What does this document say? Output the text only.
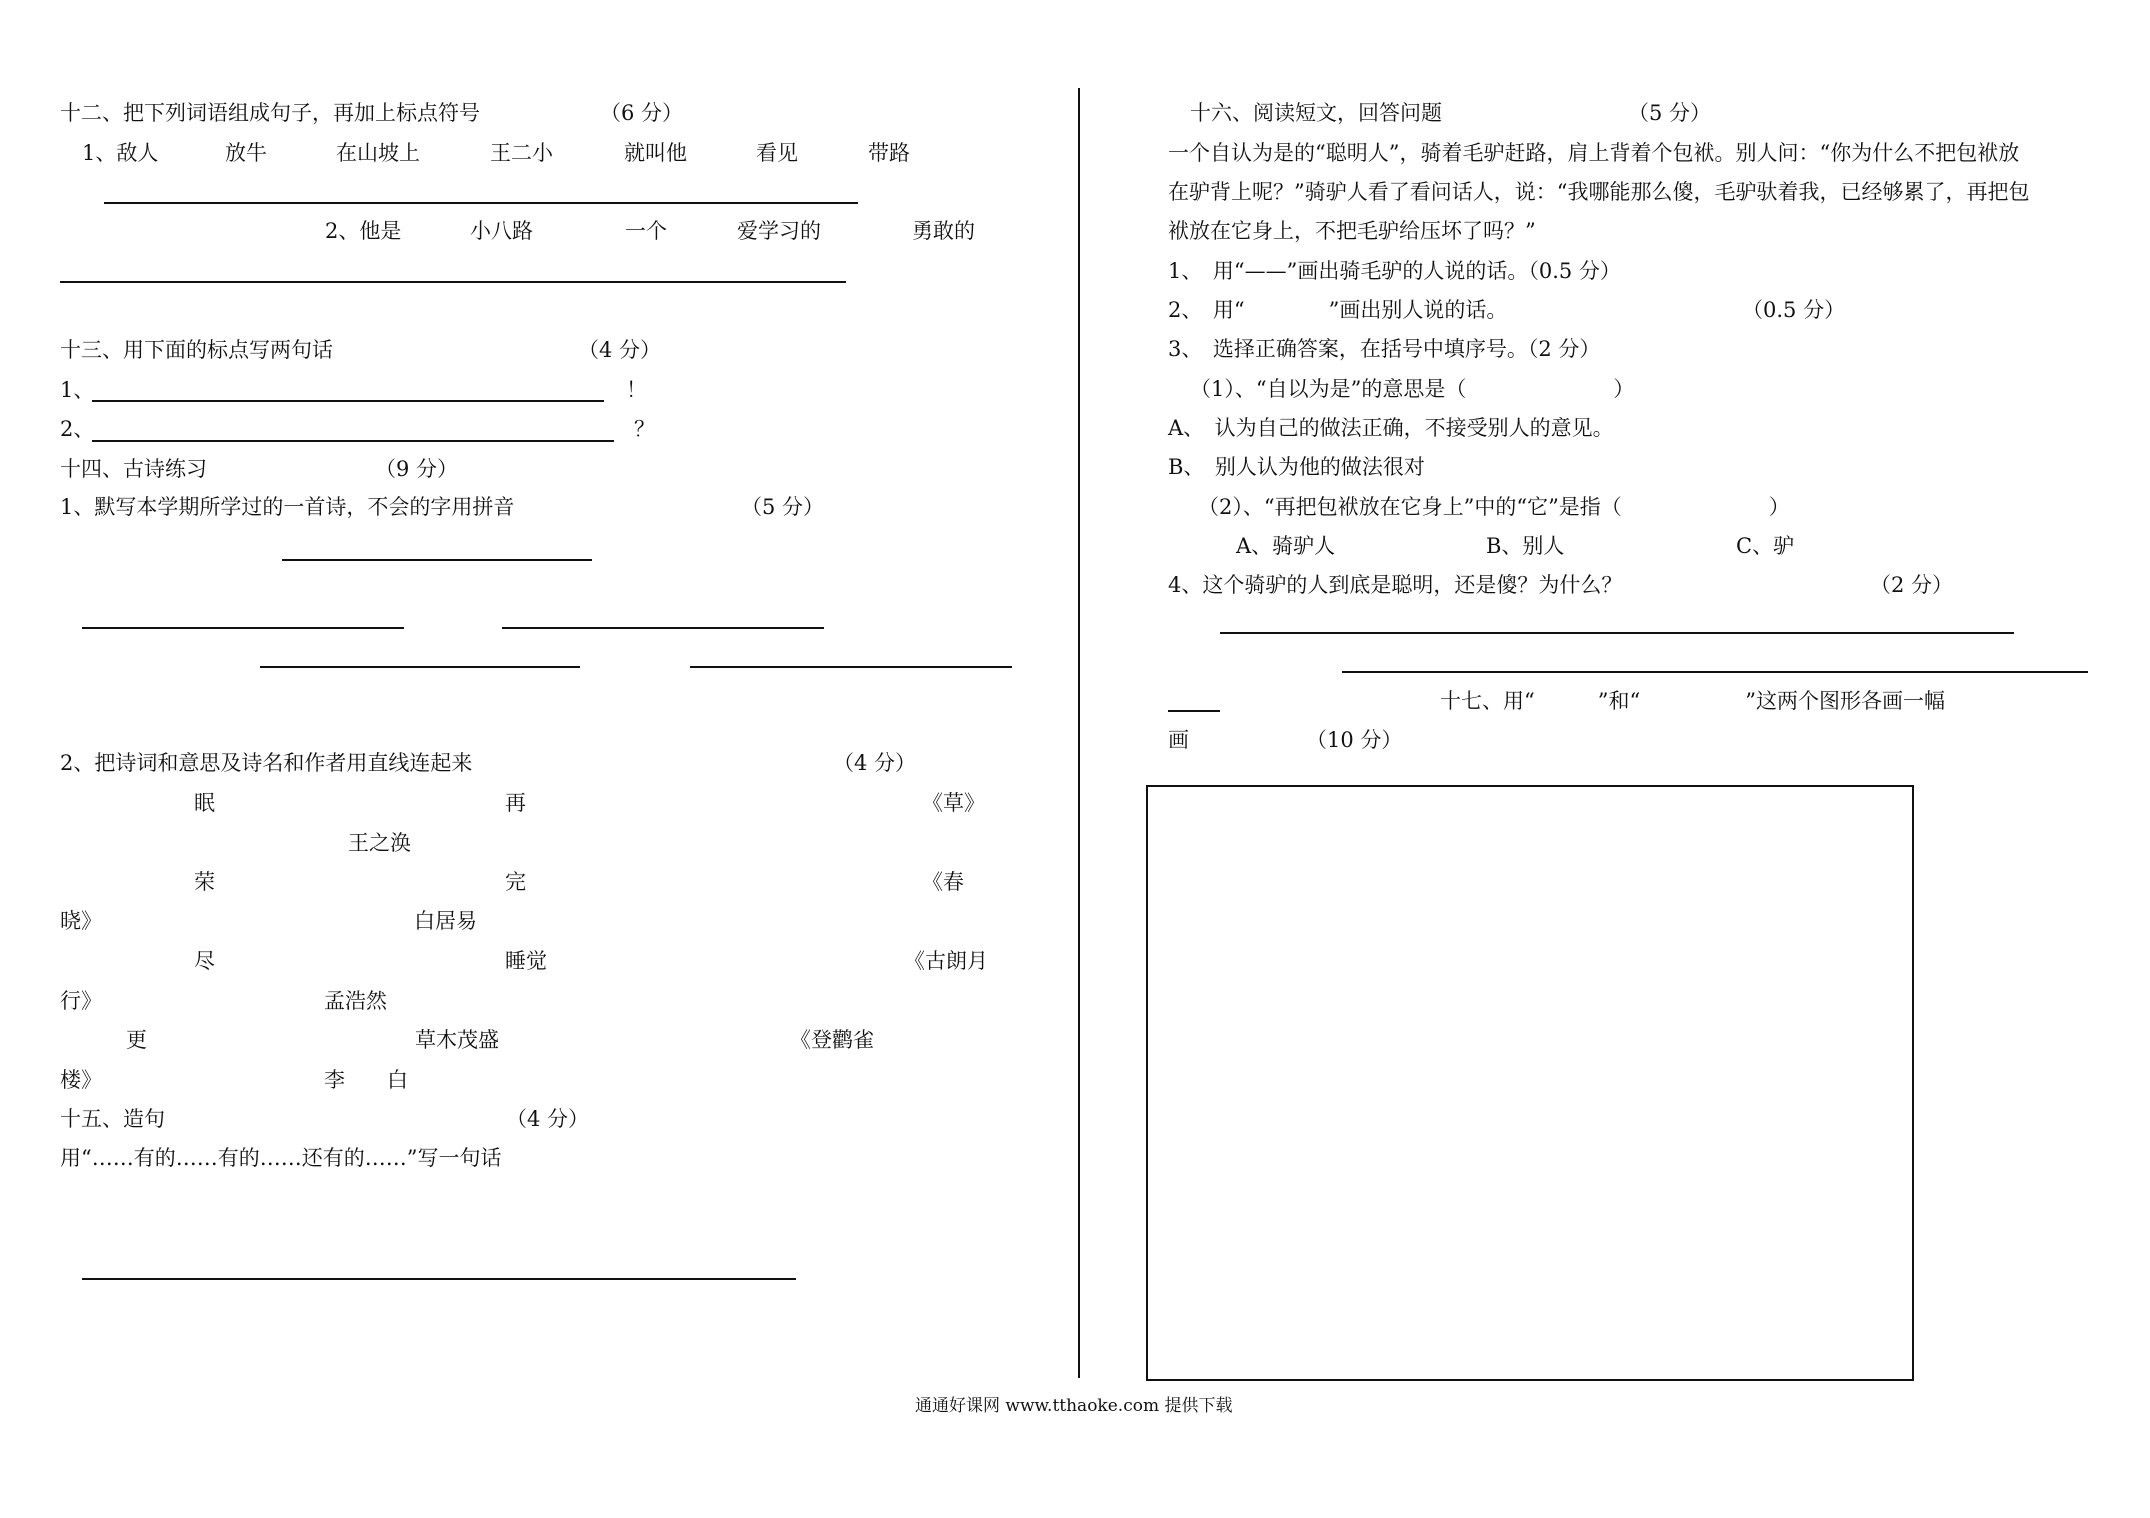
十二、把下列词语组成句子，再加上标点符号	（6 分）
1、敌人	放牛	在山坡上	王二小	就叫他	看见	带路
2、他是	小八路	一个	爱学习的	勇敢的
十三、用下面的标点写两句话	（4 分）
1、	！
2、	？
十四、古诗练习	（9 分）
1、默写本学期所学过的一首诗，不会的字用拼音	（5 分）
2、把诗词和意思及诗名和作者用直线连起来	（4 分）
眠	再	《草》
王之涣
荣	完	《春
晓》	白居易
尽	睡觉	《古朗月
行》	孟浩然
更	草木茂盛	《登鹳雀
楼》	李　　白
十五、造句	（4 分）
用“……有的……有的……还有的……”写一句话
十六、阅读短文，回答问题	（5 分）
一个自认为是的“聪明人”，骑着毛驴赶路，肩上背着个包袱。别人问：“你为什么不把包袱放
在驴背上呢？”骑驴人看了看问话人，说：“我哪能那么傻，毛驴驮着我，已经够累了，再把包
袱放在它身上，不把毛驴给压坏了吗？”
1、　用“——”画出骑毛驴的人说的话。（0.5 分）
2、　用“　　　　”画出别人说的话。	（0.5 分）
3、　选择正确答案，在括号中填序号。（2 分）
（1）、“自以为是”的意思是（　　　　　　　）
A、　认为自己的做法正确，不接受别人的意见。
B、　别人认为他的做法很对
（2）、“再把包袱放在它身上”中的“它”是指（　　　　　　　）
A、骑驴人	B、别人	C、驴
4、这个骑驴的人到底是聪明，还是傻？为什么？	（2 分）
十七、用“　　　”和“　　　　　”这两个图形各画一幅
画	（10 分）
通通好课网 www.tthaoke.com 提供下载
